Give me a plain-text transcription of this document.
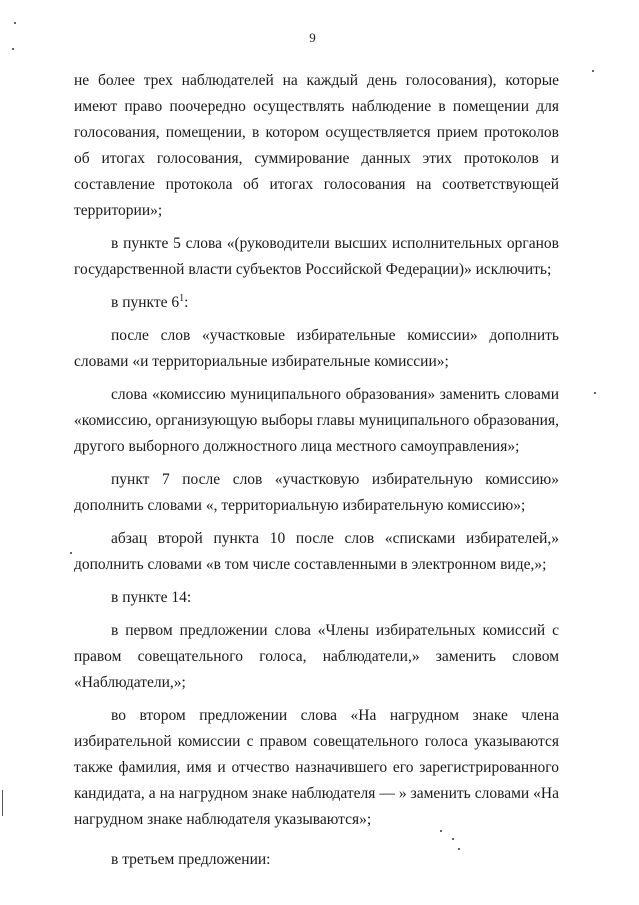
9

не более трех наблюдателей на каждый день голосования), которые имеют право поочередно осуществлять наблюдение в помещении для голосования, помещении, в котором осуществляется прием протоколов об итогах голосования, суммирование данных этих протоколов и составление протокола об итогах голосования на соответствующей территории»;

в пункте 5 слова «(руководители высших исполнительных органов государственной власти субъектов Российской Федерации)» исключить;

в пункте $6^1$:

после слов «участковые избирательные комиссии» дополнить словами «и территориальные избирательные комиссии»;

слова «комиссию муниципального образования» заменить словами «комиссию, организующую выборы главы муниципального образования, другого выборного должностного лица местного самоуправления»;

пункт 7 после слов «участковую избирательную комиссию» дополнить словами «, территориальную избирательную комиссию»;

абзац второй пункта 10 после слов «списками избирателей,» дополнить словами «в том числе составленными в электронном виде,»;

в пункте 14:

в первом предложении слова «Члены избирательных комиссий с правом совещательного голоса, наблюдатели,» заменить словом «Наблюдатели,»;

во втором предложении слова «На нагрудном знаке члена избирательной комиссии с правом совещательного голоса указываются также фамилия, имя и отчество назначившего его зарегистрированного кандидата, а на нагрудном знаке наблюдателя — » заменить словами «На нагрудном знаке наблюдателя указываются»;

в третьем предложении:
